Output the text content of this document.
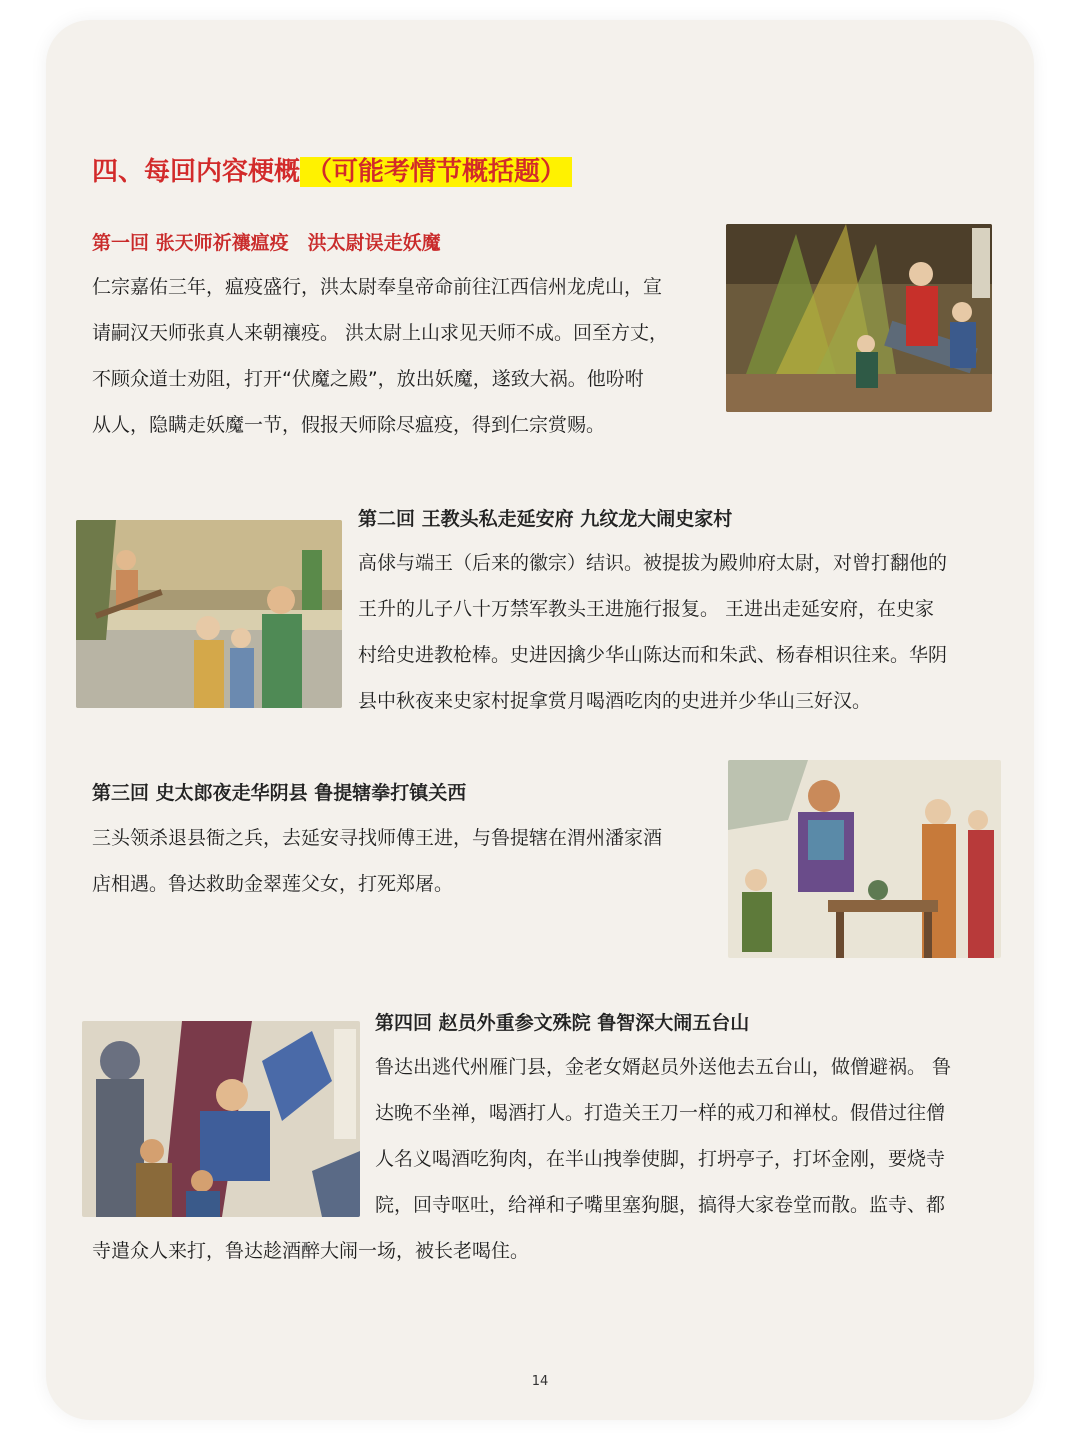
四、每回内容梗概 （可能考情节概括题）
第一回 张天师祈禳瘟疫　洪太尉误走妖魔
仁宗嘉佑三年，瘟疫盛行，洪太尉奉皇帝命前往江西信州龙虎山，宣
请嗣汉天师张真人来朝禳疫。 洪太尉上山求见天师不成。回至方丈，
不顾众道士劝阻，打开“伏魔之殿”，放出妖魔，遂致大祸。他吩咐
从人，隐瞒走妖魔一节，假报天师除尽瘟疫，得到仁宗赏赐。
第二回 王教头私走延安府 九纹龙大闹史家村
高俅与端王（后来的徽宗）结识。被提拔为殿帅府太尉，对曾打翻他的
王升的儿子八十万禁军教头王进施行报复。 王进出走延安府，在史家
村给史进教枪棒。史进因擒少华山陈达而和朱武、杨春相识往来。华阴
县中秋夜来史家村捉拿赏月喝酒吃肉的史进并少华山三好汉。
第三回 史太郎夜走华阴县 鲁提辖拳打镇关西
三头领杀退县衙之兵，去延安寻找师傅王进，与鲁提辖在渭州潘家酒
店相遇。鲁达救助金翠莲父女，打死郑屠。
第四回 赵员外重参文殊院 鲁智深大闹五台山
鲁达出逃代州雁门县，金老女婿赵员外送他去五台山，做僧避祸。 鲁
达晚不坐禅，喝酒打人。打造关王刀一样的戒刀和禅杖。假借过往僧
人名义喝酒吃狗肉，在半山拽拳使脚，打坍亭子，打坏金刚，要烧寺
院，回寺呕吐，给禅和子嘴里塞狗腿，搞得大家卷堂而散。监寺、都
寺遣众人来打，鲁达趁酒醉大闹一场，被长老喝住。
14
